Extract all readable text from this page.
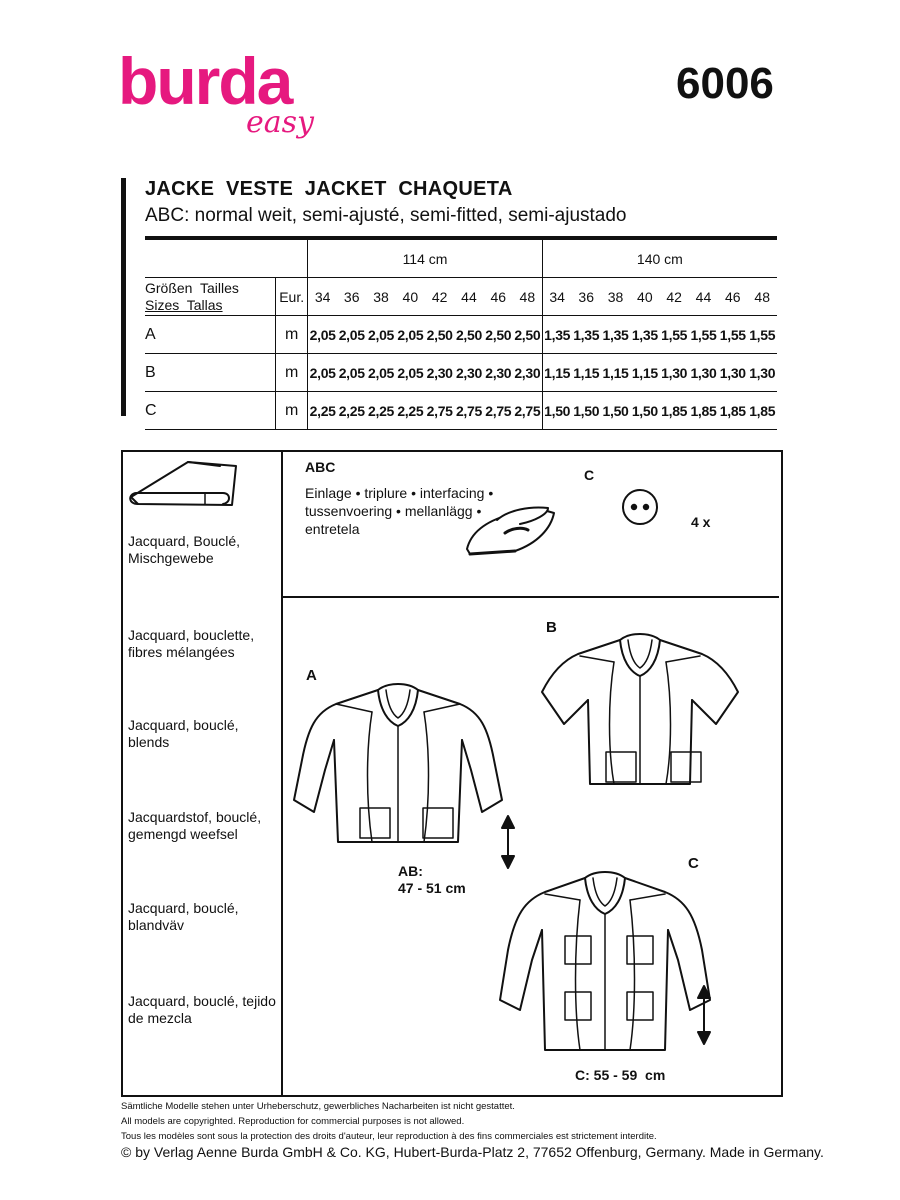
burda
easy
6006
JACKE  VESTE  JACKET  CHAQUETA
ABC: normal weit, semi-ajusté, semi-fitted, semi-ajustado
		114 cm								140 cm							

Größen  Tailles
Sizes  Tallas	Eur.	34	36	38	40	42	44	46	48	34	36	38	40	42	44	46	48
A	m	2,05	2,05	2,05	2,05	2,50	2,50	2,50	2,50	1,35	1,35	1,35	1,35	1,55	1,55	1,55	1,55
B	m	2,05	2,05	2,05	2,05	2,30	2,30	2,30	2,30	1,15	1,15	1,15	1,15	1,30	1,30	1,30	1,30
C	m	2,25	2,25	2,25	2,25	2,75	2,75	2,75	2,75	1,50	1,50	1,50	1,50	1,85	1,85	1,85	1,85
Jacquard, Bouclé,
Mischgewebe
Jacquard, bouclette,
fibres mélangées
Jacquard, bouclé,
blends
Jacquardstof, bouclé,
gemengd weefsel
Jacquard, bouclé,
blandväv
Jacquard, bouclé, tejido
de mezcla
ABC
Einlage • triplure • interfacing •
tussenvoering • mellanlägg •
entretela
C
4 x
A
B
C
AB:
47 - 51 cm
C: 55 - 59  cm
Sämtliche Modelle stehen unter Urheberschutz, gewerbliches Nacharbeiten ist nicht gestattet.
All models are copyrighted. Reproduction for commercial purposes is not allowed.
Tous les modèles sont sous la protection des droits d'auteur, leur reproduction à des fins commerciales est strictement interdite.
© by Verlag Aenne Burda GmbH & Co. KG, Hubert-Burda-Platz 2, 77652 Offenburg, Germany. Made in Germany.
